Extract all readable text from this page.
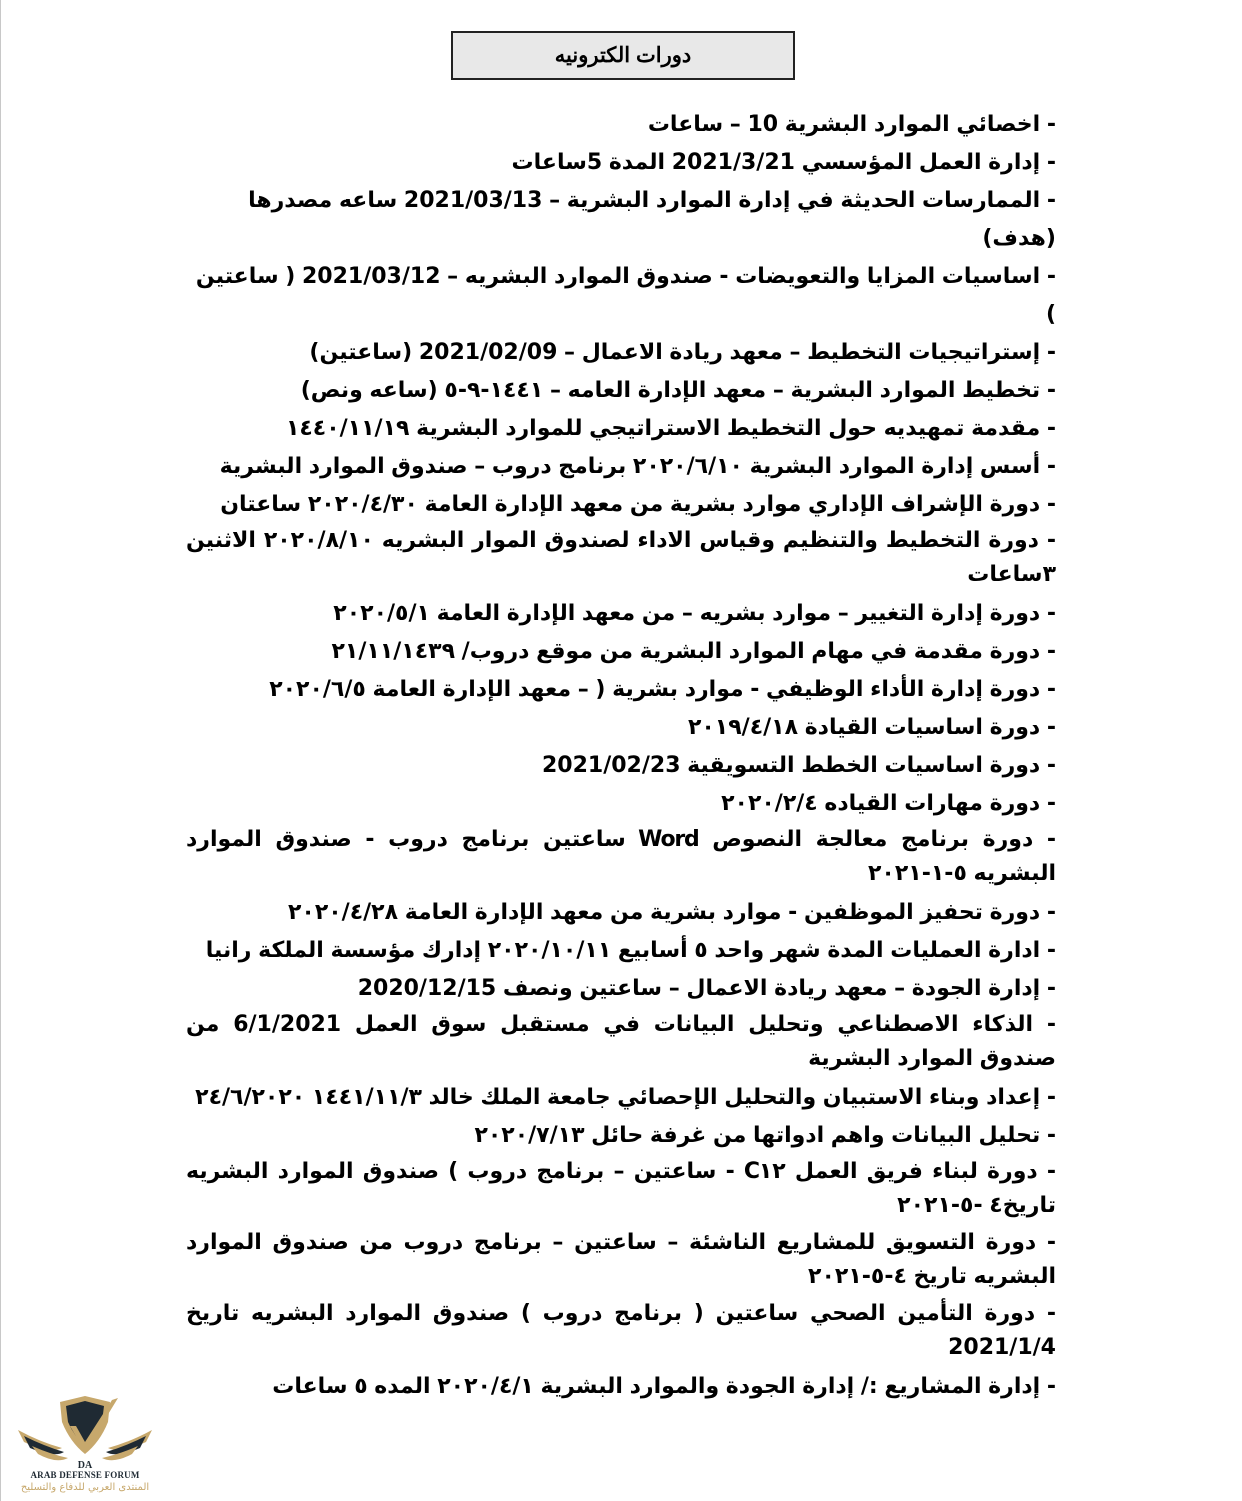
دورات الكترونيه
- اخصائي الموارد البشرية 10 – ساعات
- إدارة العمل المؤسسي 2021/3/21 المدة 5ساعات
- الممارسات الحديثة في إدارة الموارد البشرية – 2021/03/13 ساعه مصدرها (هدف)
- اساسيات المزايا والتعويضات - صندوق الموارد البشريه – 2021/03/12 ( ساعتين )
- إستراتيجيات التخطيط – معهد ريادة الاعمال – 2021/02/09 (ساعتين)
- تخطيط الموارد البشرية – معهد الإدارة العامه – ١٤٤١-٩-٥ (ساعه ونص)
- مقدمة تمهيديه حول التخطيط الاستراتيجي للموارد البشرية ١٤٤٠/١١/١٩
- أسس إدارة الموارد البشرية ٢٠٢٠/٦/١٠ برنامج دروب – صندوق الموارد البشرية
- دورة الإشراف الإداري موارد بشرية من معهد الإدارة العامة ٢٠٢٠/٤/٣٠ ساعتان
- دورة التخطيط والتنظيم وقياس الاداء لصندوق الموار البشريه ٢٠٢٠/٨/١٠ الاثنين ٣ساعات
- دورة إدارة التغيير – موارد بشريه – من معهد الإدارة العامة ٢٠٢٠/٥/١
- دورة مقدمة في مهام الموارد البشرية من موقع دروب/ ٢١/١١/١٤٣٩
- دورة إدارة الأداء الوظيفي - موارد بشرية ( – معهد الإدارة العامة ٢٠٢٠/٦/٥
- دورة اساسيات القيادة ٢٠١٩/٤/١٨
- دورة اساسيات الخطط التسويقية 2021/02/23
- دورة مهارات القياده ٢٠٢٠/٢/٤
- دورة برنامج معالجة النصوص Word ساعتين برنامج دروب - صندوق الموارد البشريه ٥-١-٢٠٢١
- دورة تحفيز الموظفين - موارد بشرية من معهد الإدارة العامة ٢٠٢٠/٤/٢٨
- ادارة العمليات المدة شهر واحد ٥ أسابيع ٢٠٢٠/١٠/١١ إدارك مؤسسة الملكة رانيا
- إدارة الجودة – معهد ريادة الاعمال – ساعتين ونصف 2020/12/15
- الذكاء الاصطناعي وتحليل البيانات في مستقبل سوق العمل 6/1/2021 من صندوق الموارد البشرية
- إعداد وبناء الاستبيان والتحليل الإحصائي جامعة الملك خالد ١٤٤١/١١/٣ ٢٤/٦/٢٠٢٠
- تحليل البيانات واهم ادواتها من غرفة حائل ٢٠٢٠/٧/١٣
- دورة لبناء فريق العمل C١٢ - ساعتين – برنامج دروب ) صندوق الموارد البشريه تاريخ٤ -٥-٢٠٢١
- دورة التسويق للمشاريع الناشئة – ساعتين – برنامج دروب من صندوق الموارد البشريه تاريخ ٤-٥-٢٠٢١
- دورة التأمين الصحي ساعتين ( برنامج دروب ) صندوق الموارد البشريه تاريخ 2021/1/4
- إدارة المشاريع :/ إدارة الجودة والموارد البشرية ٢٠٢٠/٤/١ المده ٥ ساعات
DA
ARAB DEFENSE FORUM
المنتدى العربي للدفاع والتسليح
